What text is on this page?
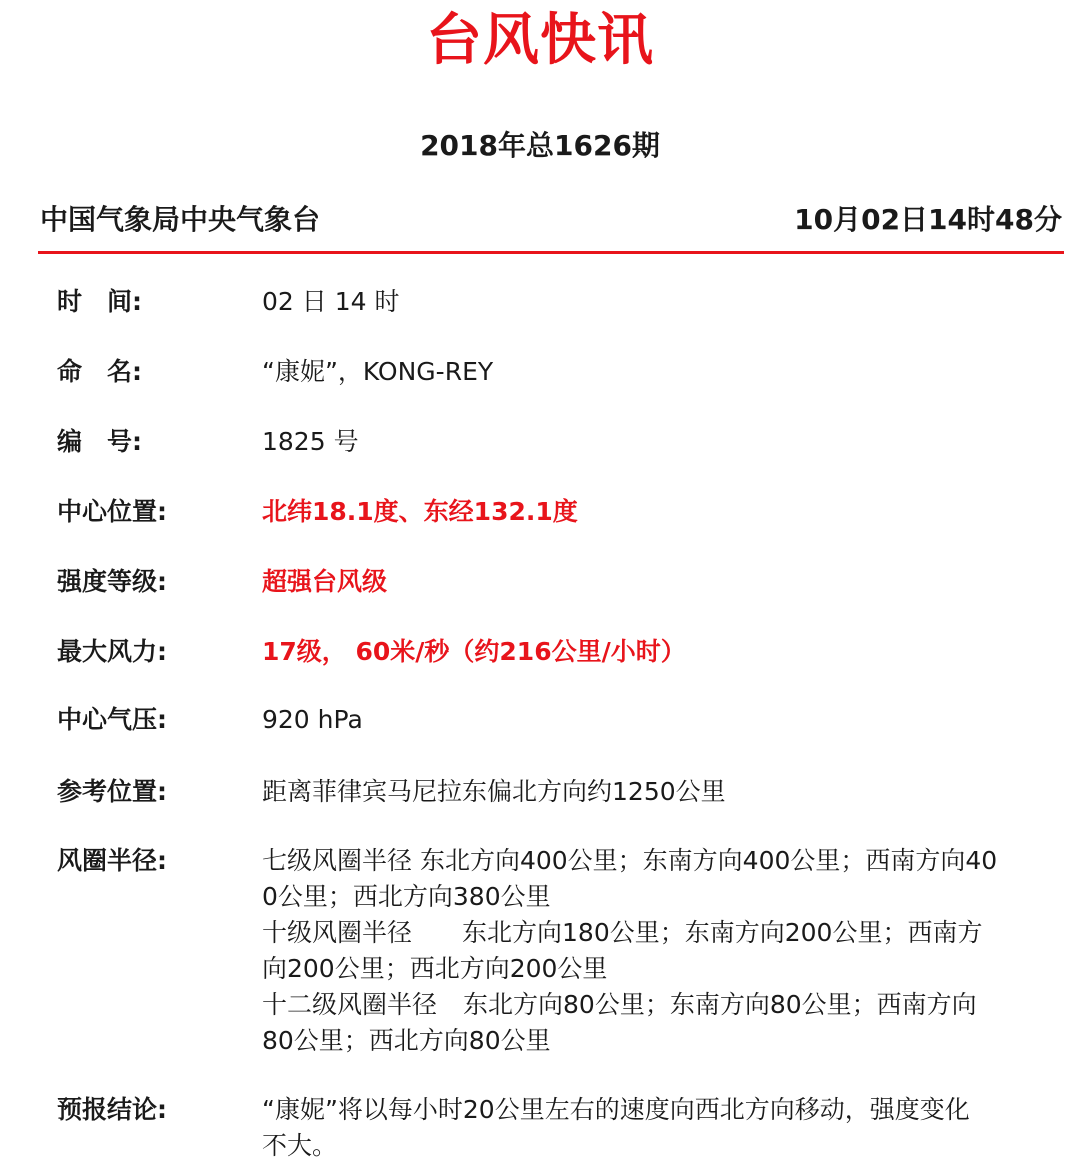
台风快讯
2018年总1626期
中国气象局中央气象台	10月02日14时48分
时　间:	02 日 14 时
命　名:	“康妮”，KONG-REY
编　号:	1825 号
中心位置:	北纬18.1度、东经132.1度
强度等级:	超强台风级
最大风力:	17级， 60米/秒（约216公里/小时）
中心气压:	920 hPa
参考位置:	距离菲律宾马尼拉东偏北方向约1250公里
风圈半径:	七级风圈半径 东北方向400公里；东南方向400公里；西南方向40
0公里；西北方向380公里
十级风圈半径 东北方向180公里；东南方向200公里；西南方
向200公里；西北方向200公里
十二级风圈半径 东北方向80公里；东南方向80公里；西南方向
80公里；西北方向80公里
预报结论:	“康妮”将以每小时20公里左右的速度向西北方向移动，强度变化
不大。
